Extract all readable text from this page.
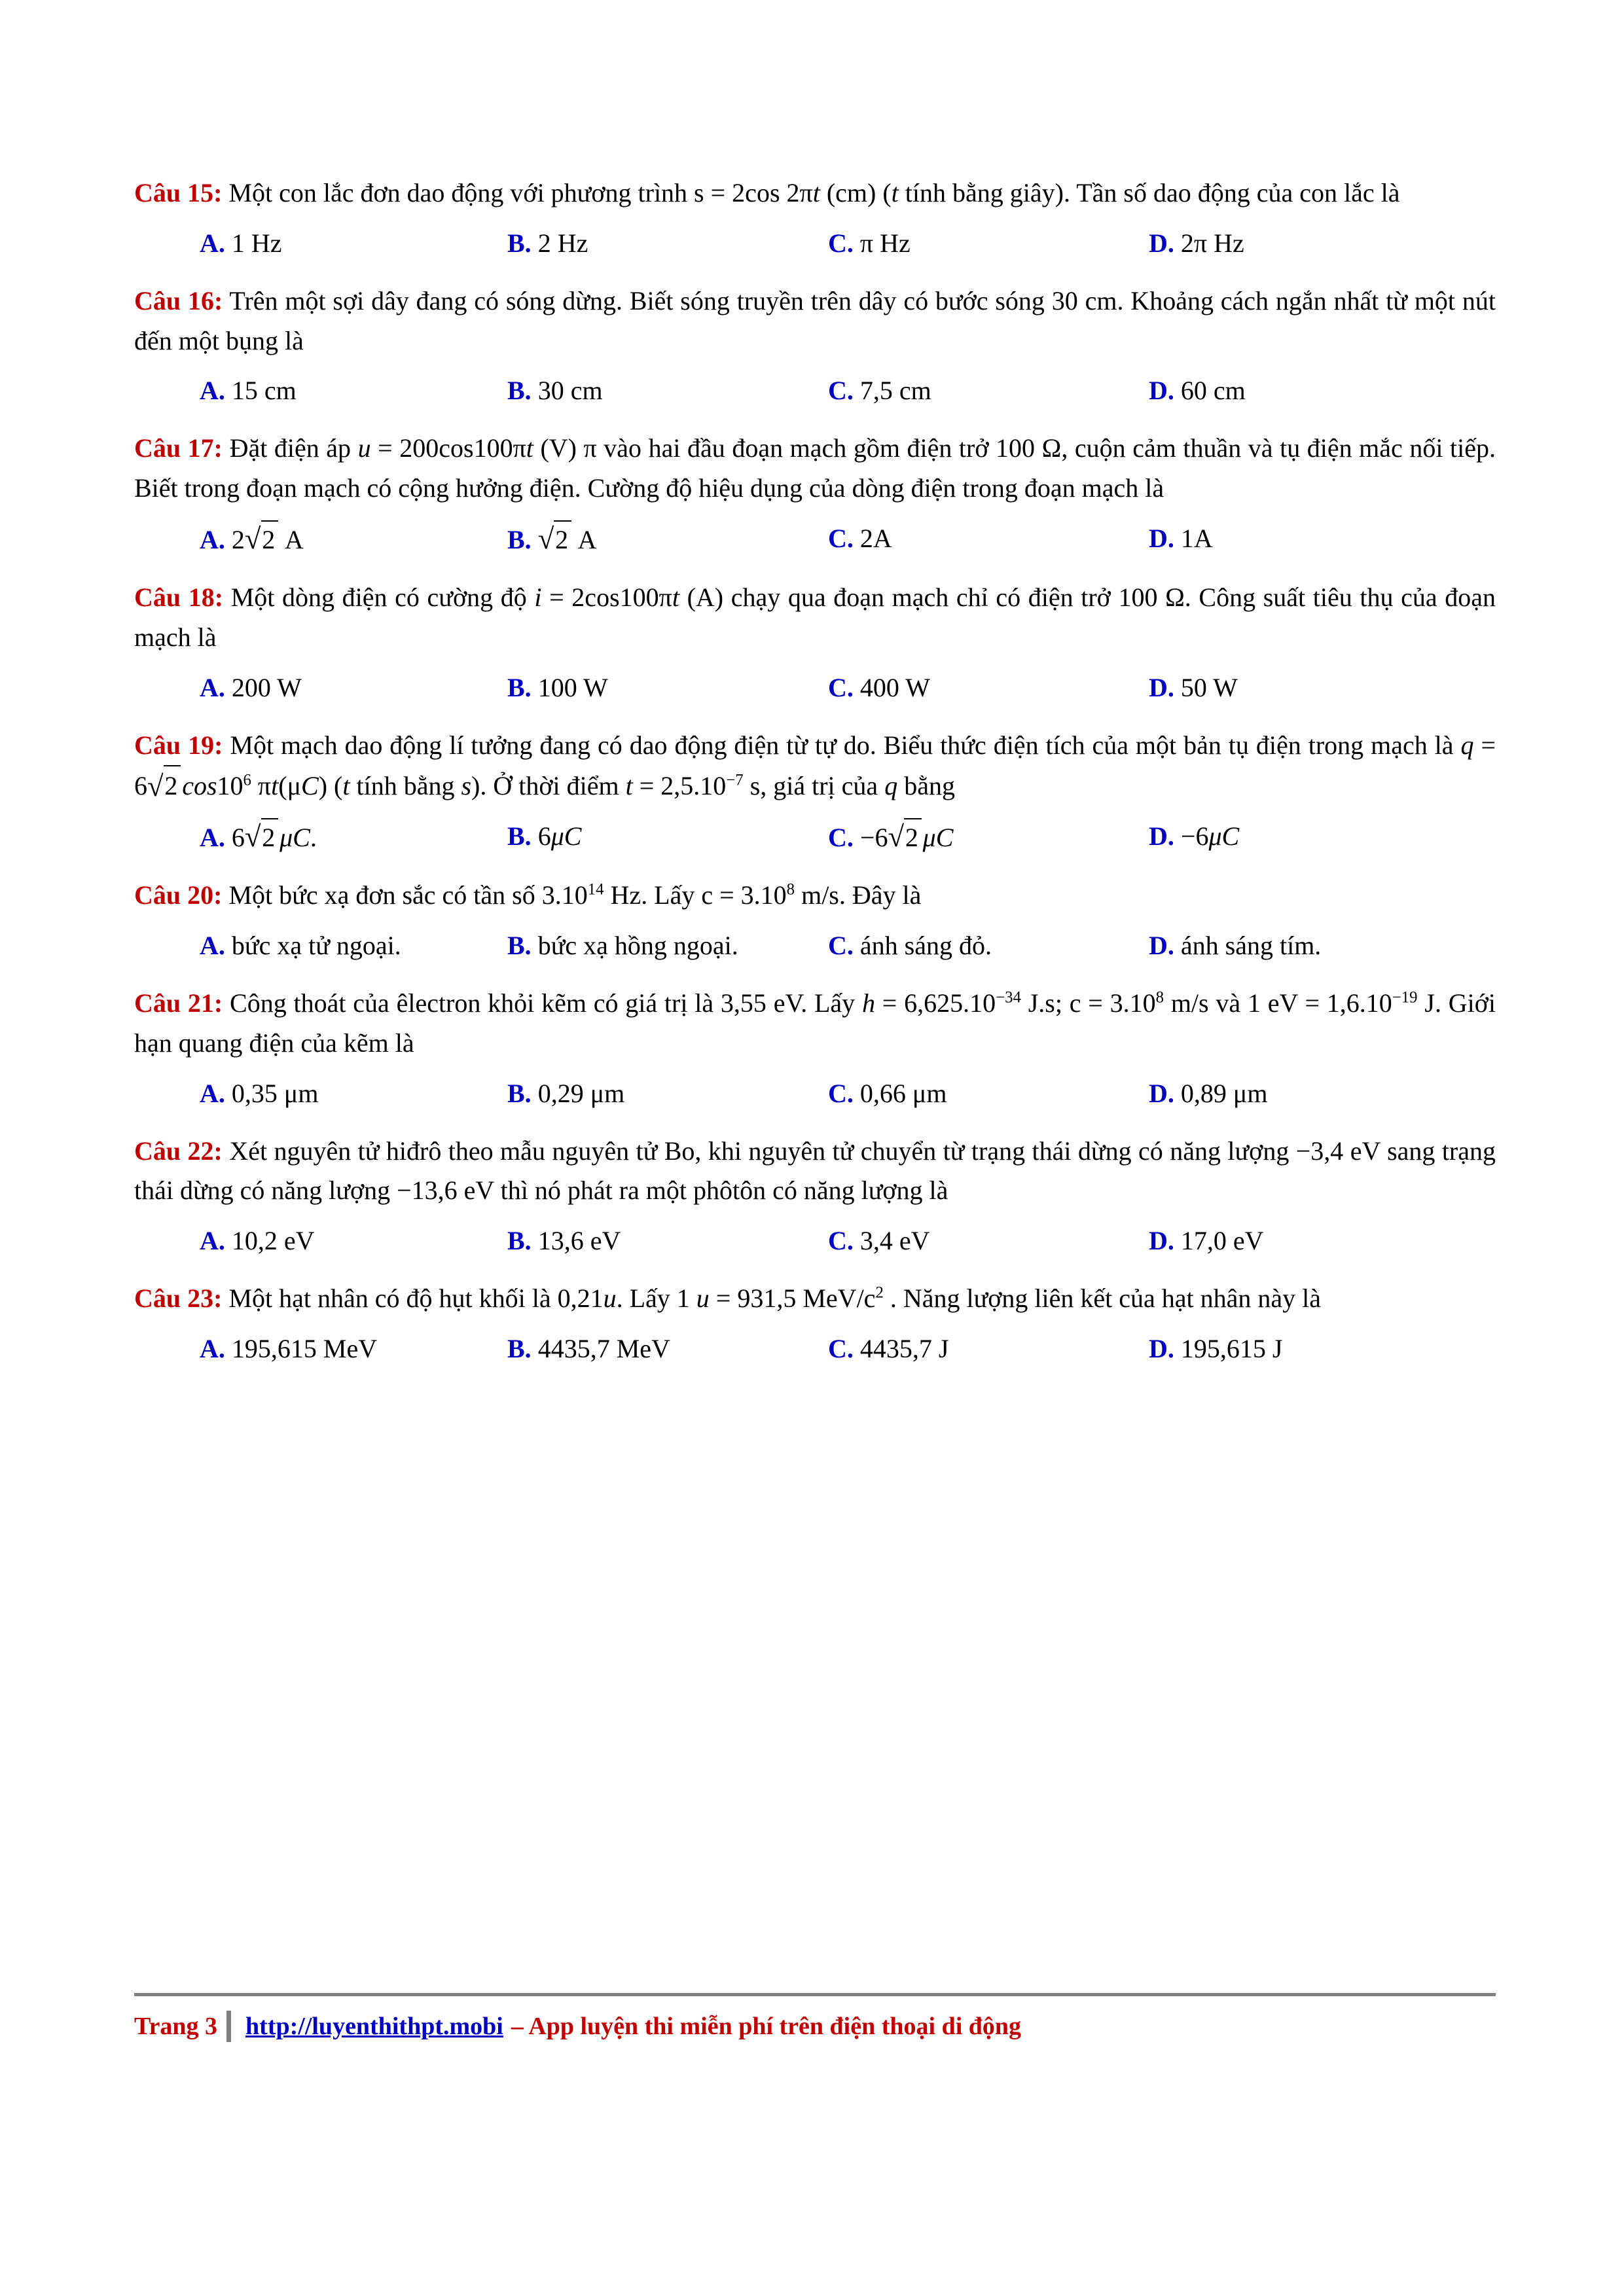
Câu 15: Một con lắc đơn dao động với phương trình s = 2cos 2πt (cm) (t tính bằng giây). Tần số dao động của con lắc là

A. 1 Hz	B. 2 Hz	C. π Hz	D. 2π Hz

Câu 16: Trên một sợi dây đang có sóng dừng. Biết sóng truyền trên dây có bước sóng 30 cm. Khoảng cách ngắn nhất từ một nút đến một bụng là

A. 15 cm	B. 30 cm	C. 7,5 cm	D. 60 cm

Câu 17: Đặt điện áp u = 200cos100πt (V) π vào hai đầu đoạn mạch gồm điện trở 100 Ω, cuộn cảm thuần và tụ điện mắc nối tiếp. Biết trong đoạn mạch có cộng hưởng điện. Cường độ hiệu dụng của dòng điện trong đoạn mạch là

A. 2 √ 2 A	B. √ 2 A	C. 2A	D. 1A

Câu 18: Một dòng điện có cường độ i = 2cos100πt (A) chạy qua đoạn mạch chỉ có điện trở 100 Ω. Công suất tiêu thụ của đoạn mạch là

A. 200 W	B. 100 W	C. 400 W	D. 50 W

Câu 19: Một mạch dao động lí tưởng đang có dao động điện từ tự do. Biểu thức điện tích của một bản tụ điện trong mạch là q = 6 √ 2 $\cos 10^6$ πt(μC) (t tính bằng s). Ở thời điểm $t = 2,5.10^{-7}$ s, giá trị của q bằng

A. 6 √ 2 μC.	B. 6μC	C. −6 √ 2 μC	D. −6μC

Câu 20: Một bức xạ đơn sắc có tần số 3.10$^{14}$ Hz. Lấy $c = 3.10^8$ m/s. Đây là

A. bức xạ tử ngoại.	B. bức xạ hồng ngoại.	C. ánh sáng đỏ.	D. ánh sáng tím.

Câu 21: Công thoát của êlectron khỏi kẽm có giá trị là 3,55 eV. Lấy $h = 6,625.10^{-34}$ J.s; $c = 3.10^8$ m/s và 1 eV = $1,6.10^{-19}$ J. Giới hạn quang điện của kẽm là

A. 0,35 μm	B. 0,29 μm	C. 0,66 μm	D. 0,89 μm

Câu 22: Xét nguyên tử hiđrô theo mẫu nguyên tử Bo, khi nguyên tử chuyển từ trạng thái dừng có năng lượng −3,4 eV sang trạng thái dừng có năng lượng −13,6 eV thì nó phát ra một phôtôn có năng lượng là

A. 10,2 eV	B. 13,6 eV	C. 3,4 eV	D. 17,0 eV

Câu 23: Một hạt nhân có độ hụt khối là 0,21u. Lấy 1 u = 931,5 MeV/$c^2$ . Năng lượng liên kết của hạt nhân này là

A. 195,615 MeV	B. 4435,7 MeV	C. 4435,7 J	D. 195,615 J
Trang 3 http://luyenthithpt.mobi – App luyện thi miễn phí trên điện thoại di động
